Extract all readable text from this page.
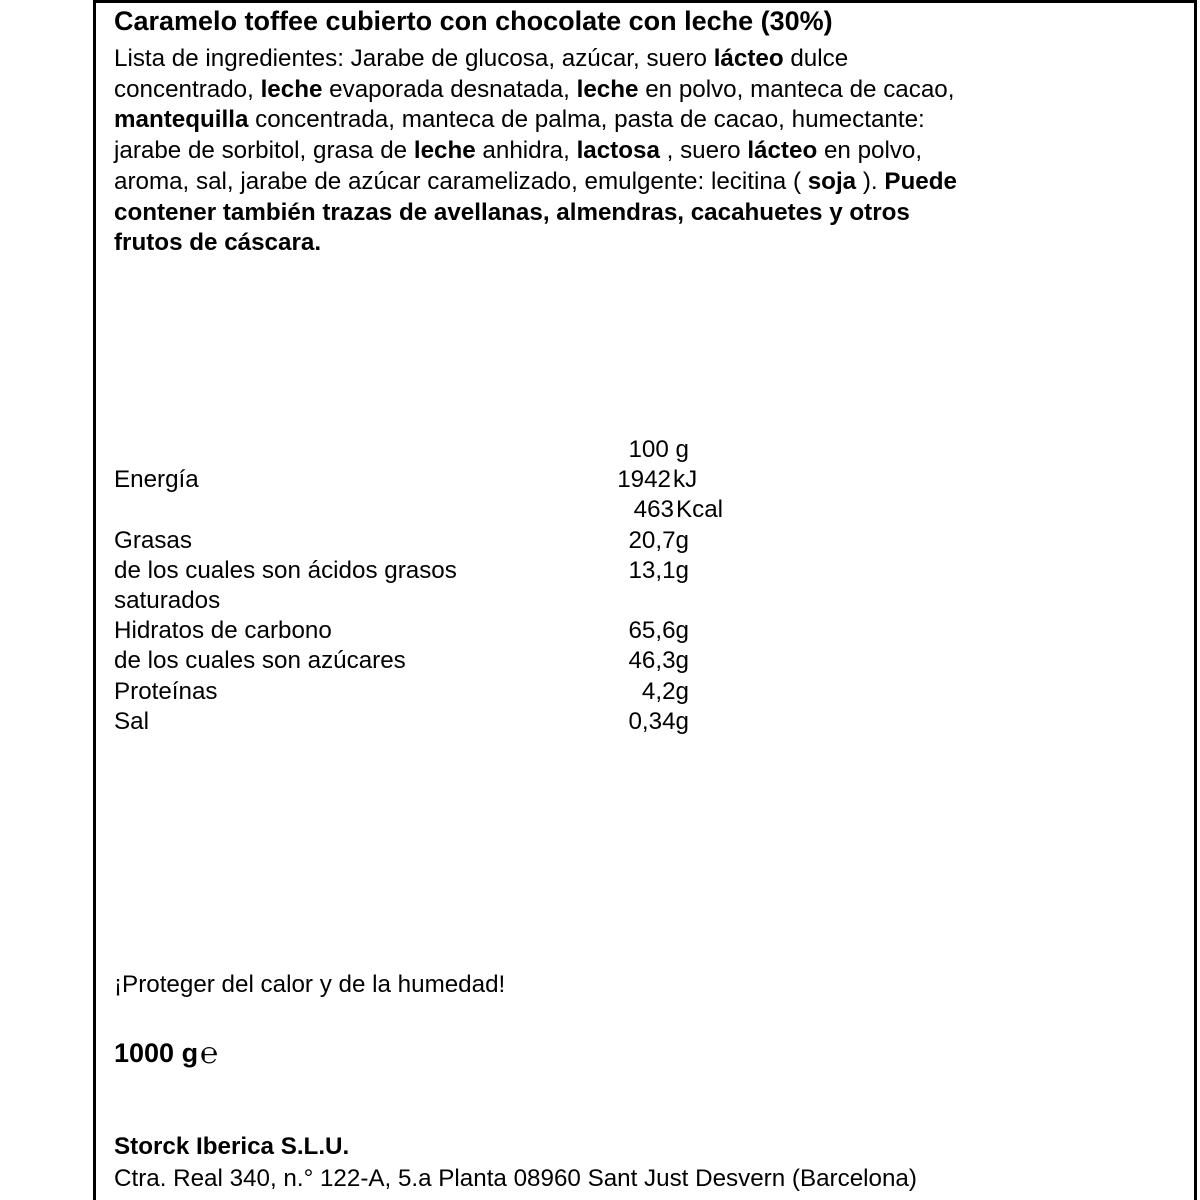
Caramelo toffee cubierto con chocolate con leche (30%)
Lista de ingredientes: Jarabe de glucosa, azúcar, suero lácteo dulce
concentrado, leche evaporada desnatada, leche en polvo, manteca de cacao,
mantequilla concentrada, manteca de palma, pasta de cacao, humectante:
jarabe de sorbitol, grasa de leche anhidra, lactosa , suero lácteo en polvo,
aroma, sal, jarabe de azúcar caramelizado, emulgente: lecitina ( soja ). Puede
contener también trazas de avellanas, almendras, cacahuetes y otros
frutos de cáscara.
100 g
Energía	1942 kJ
463 Kcal
Grasas	20,7g
de los cuales son ácidos grasos	13,1g
saturados
Hidratos de carbono	65,6g
de los cuales son azúcares	46,3g
Proteínas	4,2g
Sal	0,34g
¡Proteger del calor y de la humedad!
1000 g℮
Storck Iberica S.L.U.
Ctra. Real 340, n.° 122-A, 5.a Planta 08960 Sant Just Desvern (Barcelona)
